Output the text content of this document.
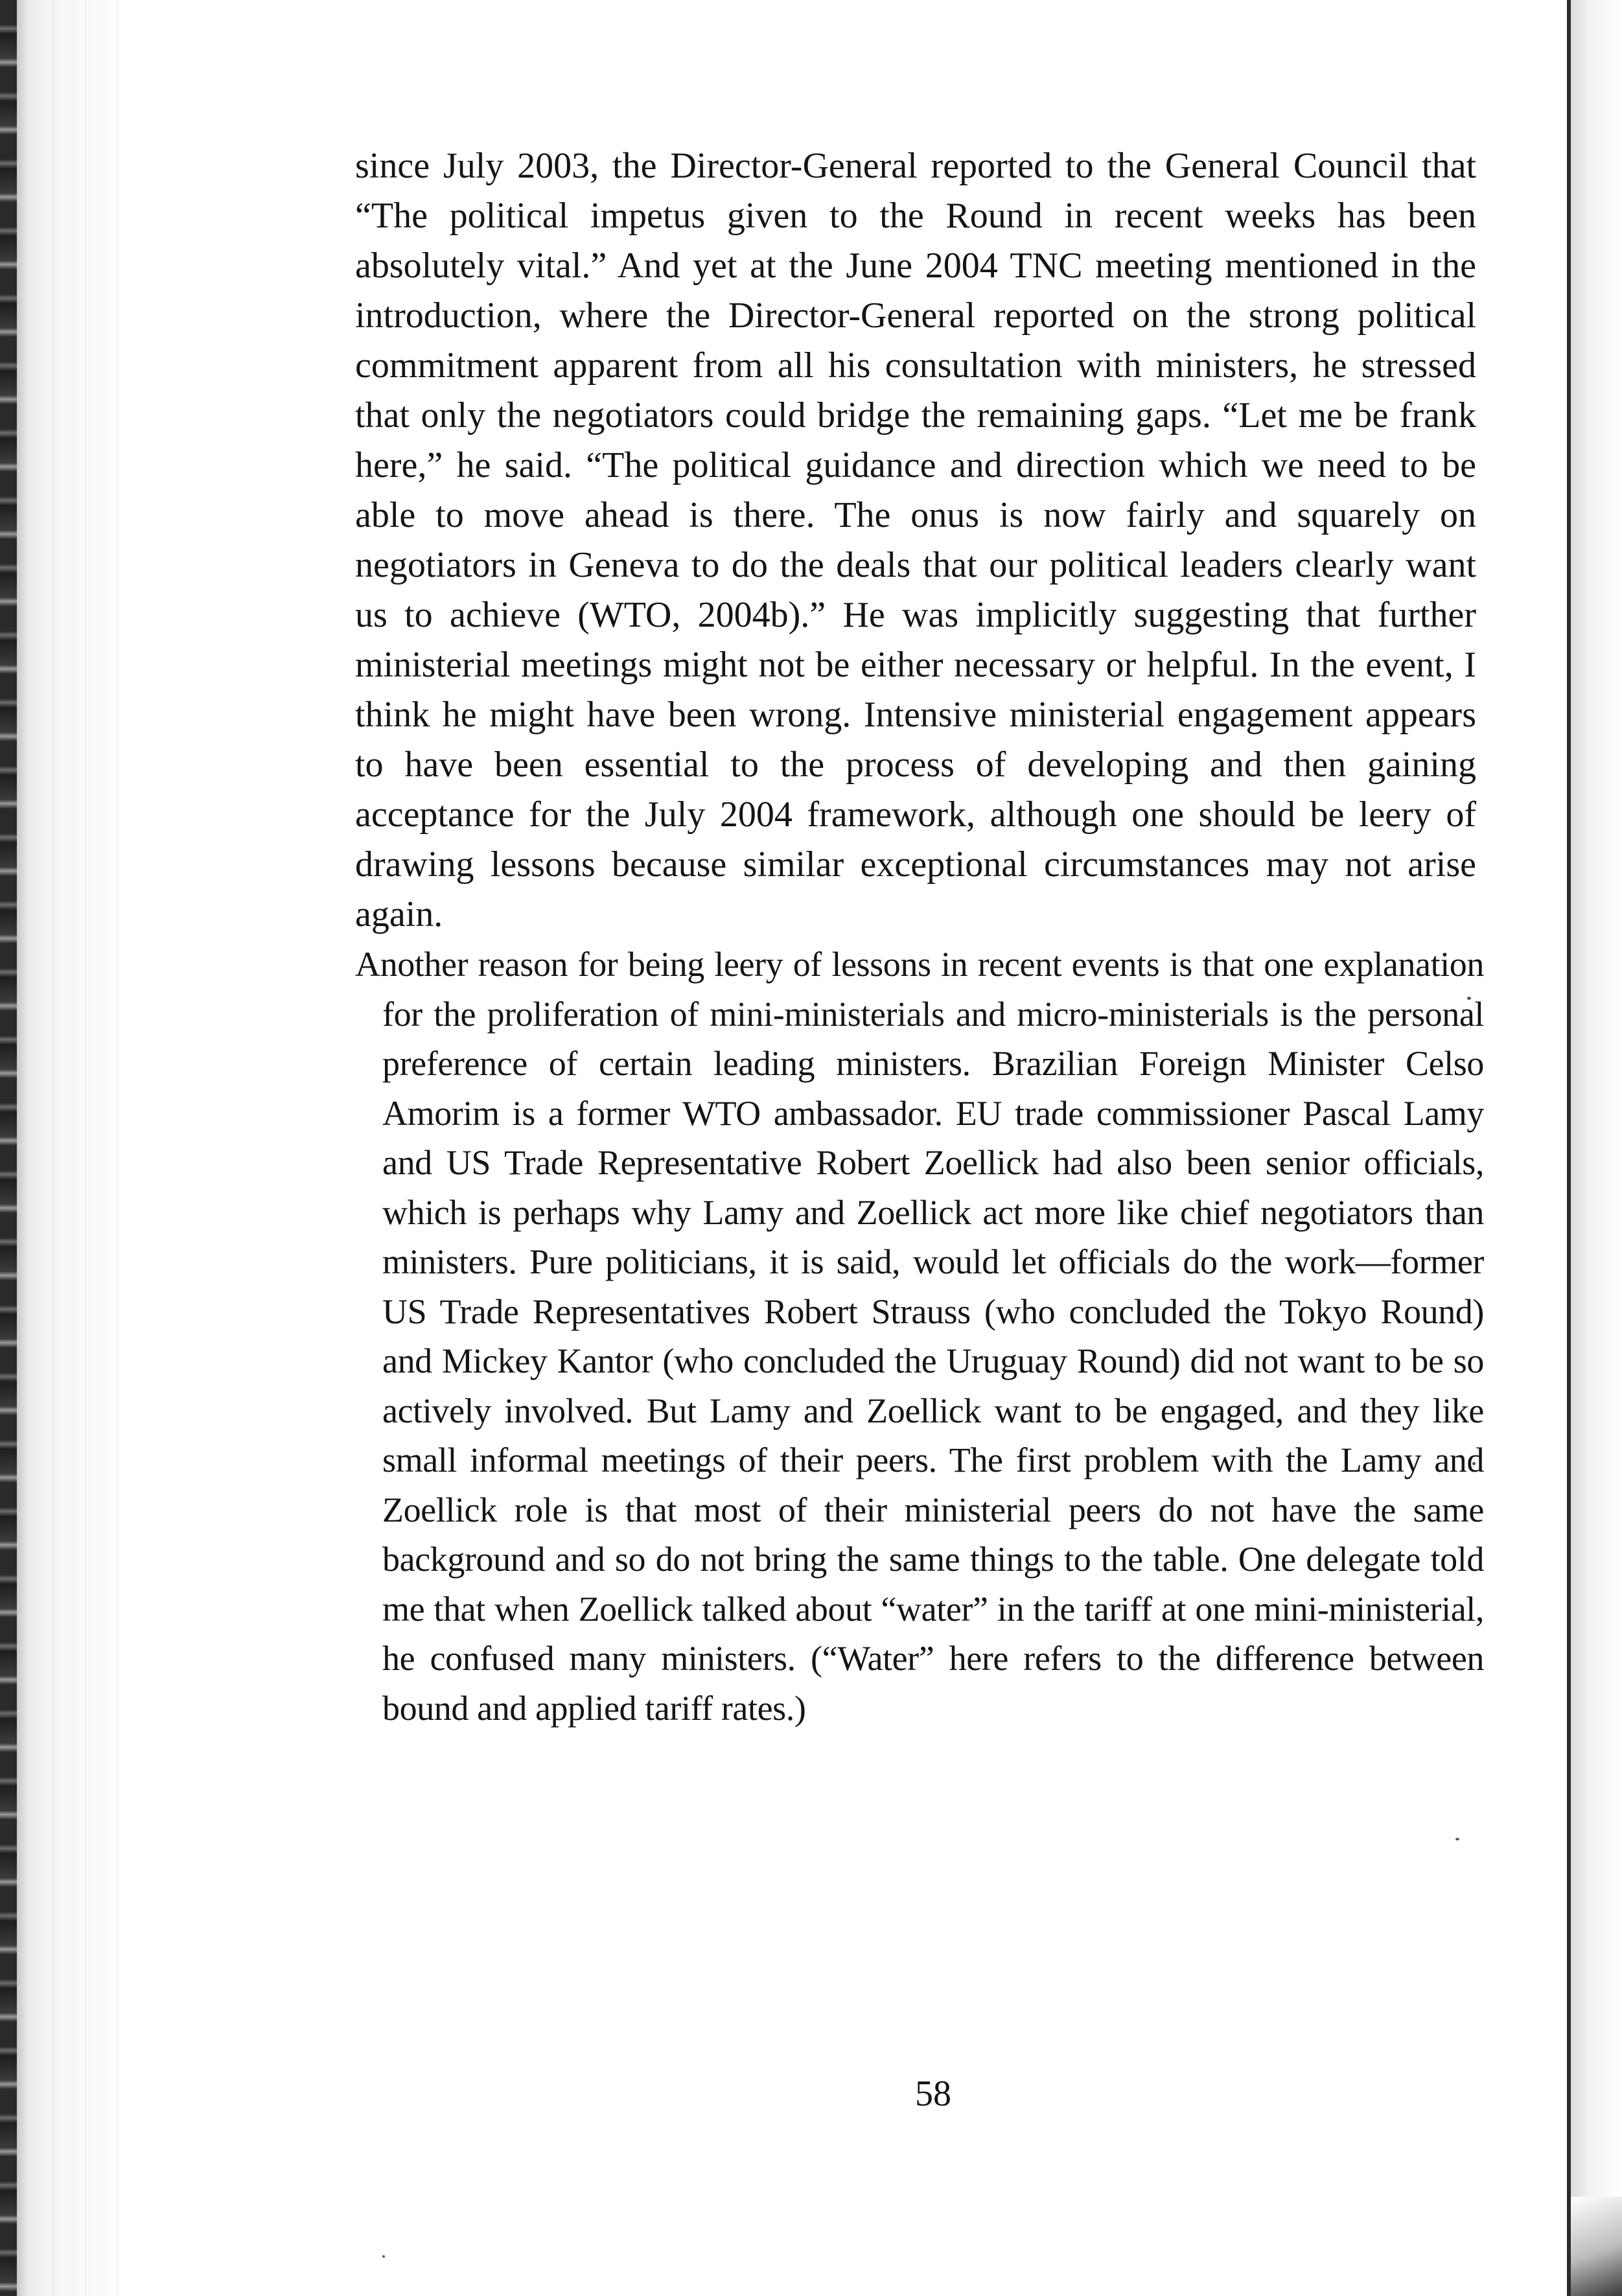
since July 2003, the Director-General reported to the General Council that “The political impetus given to the Round in recent weeks has been absolutely vital.” And yet at the June 2004 TNC meeting mentioned in the introduction, where the Director-General reported on the strong political commitment apparent from all his consultation with ministers, he stressed that only the negotiators could bridge the remaining gaps. “Let me be frank here,” he said. “The political guidance and direction which we need to be able to move ahead is there. The onus is now fairly and squarely on negotiators in Geneva to do the deals that our political leaders clearly want us to achieve (WTO, 2004b).” He was implicitly suggesting that further ministerial meetings might not be either necessary or helpful. In the event, I think he might have been wrong. Intensive ministerial engagement appears to have been essential to the process of developing and then gaining acceptance for the July 2004 framework, although one should be leery of drawing lessons because similar exceptional circumstances may not arise again.

Another reason for being leery of lessons in recent events is that one explanation for the proliferation of mini-ministerials and micro-ministerials is the personal preference of certain leading ministers. Brazilian Foreign Minister Celso Amorim is a former WTO ambassador. EU trade commissioner Pascal Lamy and US Trade Representative Robert Zoellick had also been senior officials, which is perhaps why Lamy and Zoellick act more like chief negotiators than ministers. Pure politicians, it is said, would let officials do the work—former US Trade Representatives Robert Strauss (who concluded the Tokyo Round) and Mickey Kantor (who concluded the Uruguay Round) did not want to be so actively involved. But Lamy and Zoellick want to be engaged, and they like small informal meetings of their peers. The first problem with the Lamy and Zoellick role is that most of their ministerial peers do not have the same background and so do not bring the same things to the table. One delegate told me that when Zoellick talked about “water” in the tariff at one mini-ministerial, he confused many ministers. (“Water” here refers to the difference between bound and applied tariff rates.)

58
